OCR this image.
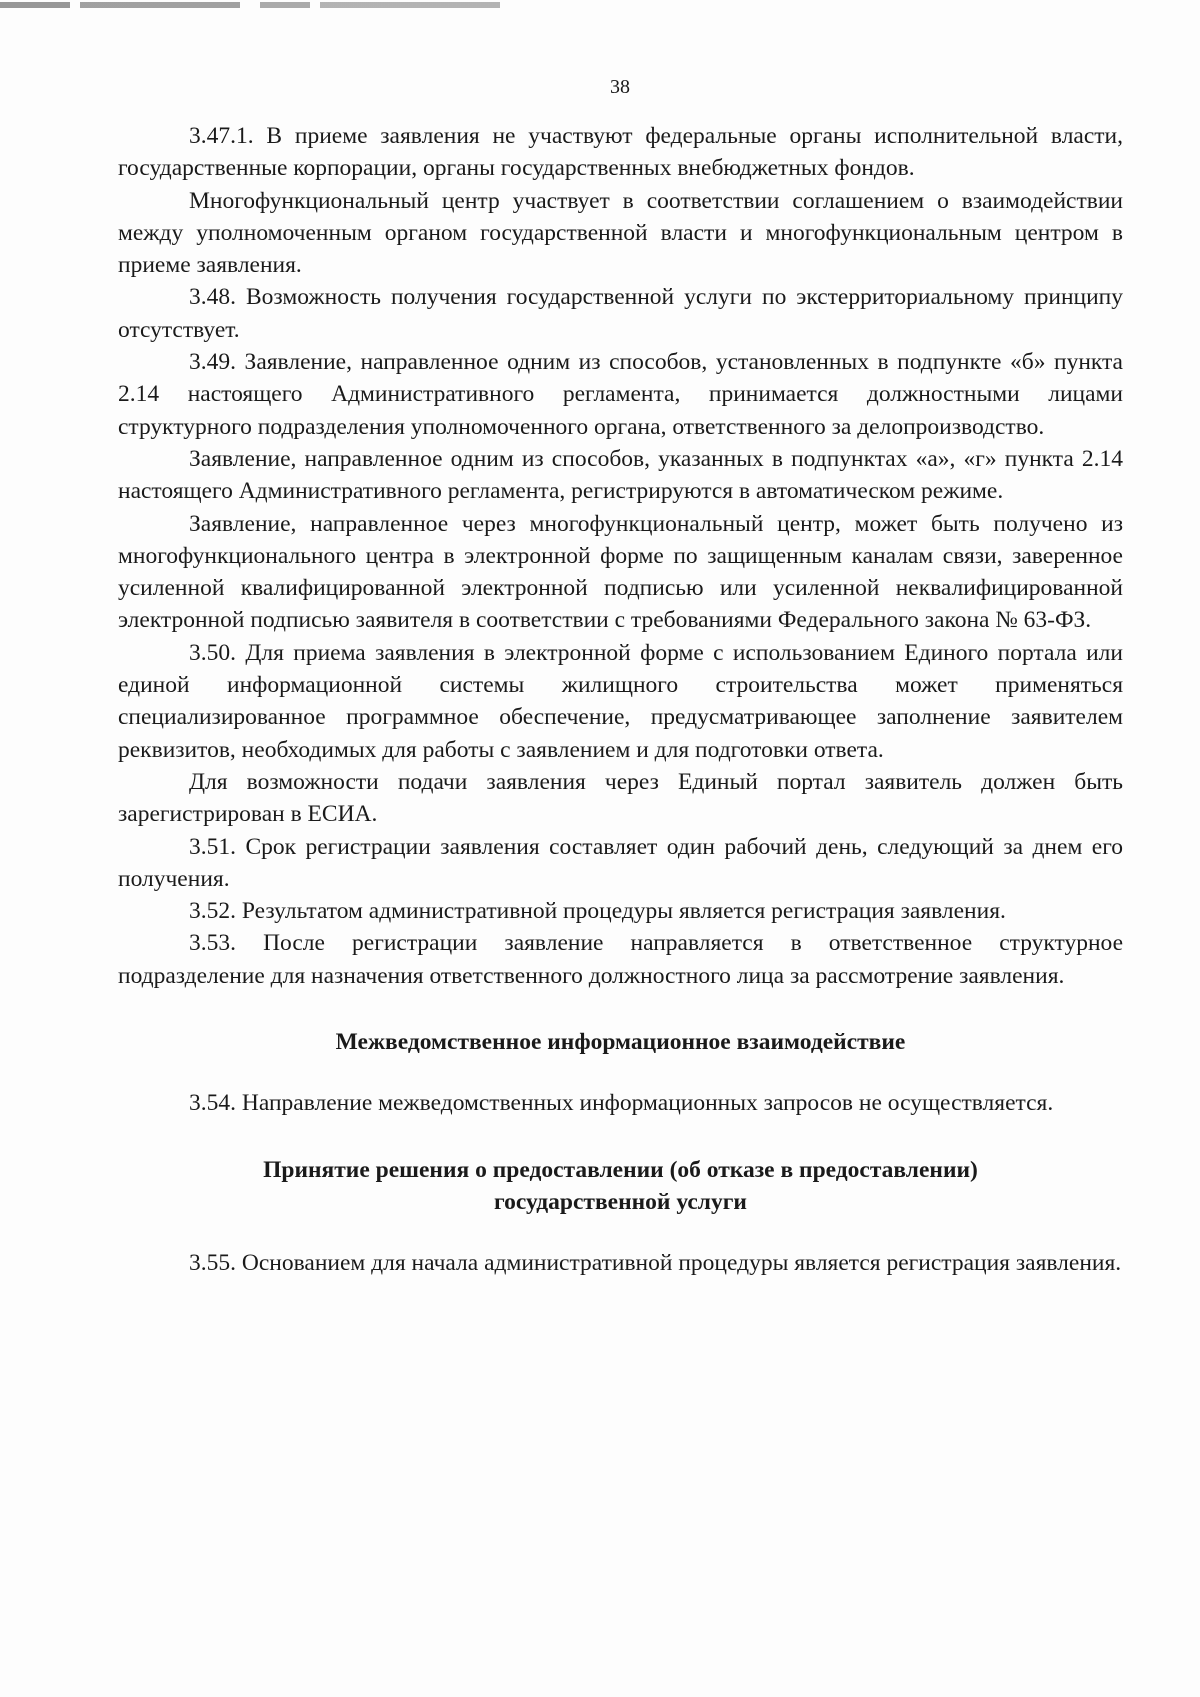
38

3.47.1. В приеме заявления не участвуют федеральные органы исполнительной власти, государственные корпорации, органы государственных внебюджетных фондов.

Многофункциональный центр участвует в соответствии соглашением о взаимодействии между уполномоченным органом государственной власти и многофункциональным центром в приеме заявления.

3.48. Возможность получения государственной услуги по экстерриториальному принципу отсутствует.

3.49. Заявление, направленное одним из способов, установленных в подпункте «б» пункта 2.14 настоящего Административного регламента, принимается должностными лицами структурного подразделения уполномоченного органа, ответственного за делопроизводство.

Заявление, направленное одним из способов, указанных в подпунктах «а», «г» пункта 2.14 настоящего Административного регламента, регистрируются в автоматическом режиме.

Заявление, направленное через многофункциональный центр, может быть получено из многофункционального центра в электронной форме по защищенным каналам связи, заверенное усиленной квалифицированной электронной подписью или усиленной неквалифицированной электронной подписью заявителя в соответствии с требованиями Федерального закона № 63-ФЗ.

3.50. Для приема заявления в электронной форме с использованием Единого портала или единой информационной системы жилищного строительства может применяться специализированное программное обеспечение, предусматривающее заполнение заявителем реквизитов, необходимых для работы с заявлением и для подготовки ответа.

Для возможности подачи заявления через Единый портал заявитель должен быть зарегистрирован в ЕСИА.

3.51. Срок регистрации заявления составляет один рабочий день, следующий за днем его получения.

3.52. Результатом административной процедуры является регистрация заявления.

3.53. После регистрации заявление направляется в ответственное структурное подразделение для назначения ответственного должностного лица за рассмотрение заявления.

Межведомственное информационное взаимодействие

3.54. Направление межведомственных информационных запросов не осуществляется.

Принятие решения о предоставлении (об отказе в предоставлении)

государственной услуги

3.55. Основанием для начала административной процедуры является регистрация заявления.
